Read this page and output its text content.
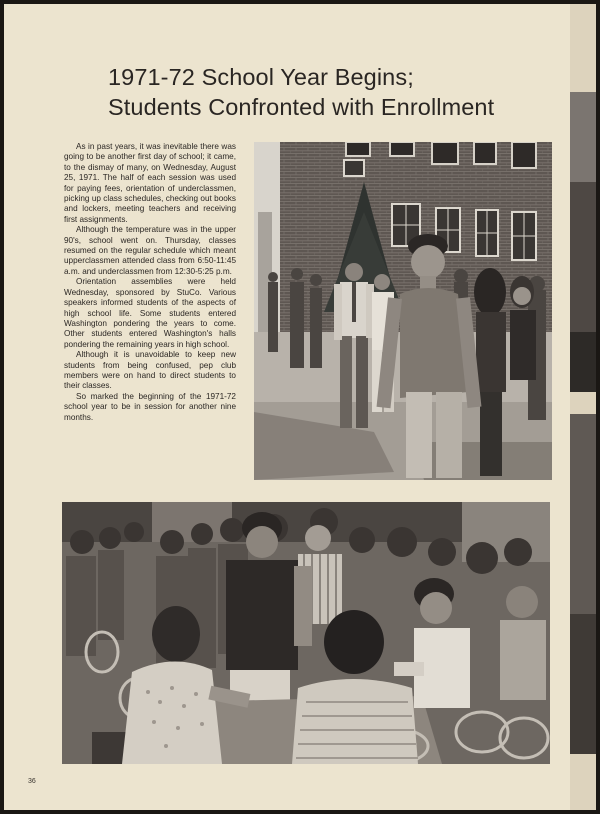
1971-72 School Year Begins;
Students Confronted with Enrollment

As in past years, it was inevitable there was going to be another first day of school; it came, to the dismay of many, on Wednesday, August 25, 1971. The half of each session was used for paying fees, orientation of underclassmen, picking up class schedules, checking out books and lockers, meeting teachers and receiving first assignments.

Although the temperature was in the upper 90's, school went on. Thursday, classes resumed on the regular schedule which meant upperclassmen attended class from 6:50-11:45 a.m. and underclassmen from 12:30-5:25 p.m.

Orientation assemblies were held Wednesday, sponsored by StuCo. Various speakers informed students of the aspects of high school life. Some students entered Washington pondering the years to come. Other students entered Washington's halls pondering the remaining years in high school.

Although it is unavoidable to keep new students from being confused, pep club members were on hand to direct students to their classes.

So marked the beginning of the 1971-72 school year to be in session for another nine months.

36
